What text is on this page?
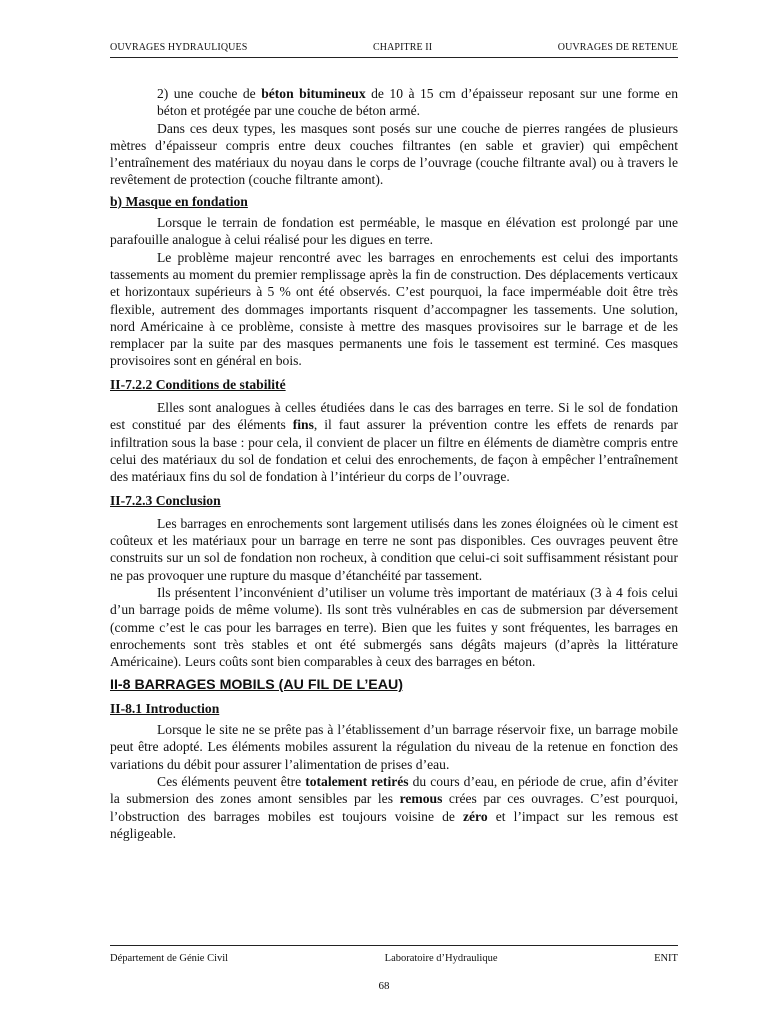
OUVRAGES HYDRAULIQUES	CHAPITRE II	OUVRAGES DE RETENUE

2) une couche de béton bitumineux de 10 à 15 cm d’épaisseur reposant sur une forme en béton et protégée par une couche de béton armé.

Dans ces deux types, les masques sont posés sur une couche de pierres rangées de plusieurs mètres d’épaisseur compris entre deux couches filtrantes (en sable et gravier) qui empêchent l’entraînement des matériaux du noyau dans le corps de l’ouvrage (couche filtrante aval) ou à travers le revêtement de protection (couche filtrante amont).

b) Masque en fondation

Lorsque le terrain de fondation est perméable, le masque en élévation est prolongé par une parafouille analogue à celui réalisé pour les digues en terre.

Le problème majeur rencontré avec les barrages en enrochements est celui des importants tassements au moment du premier remplissage après la fin de construction. Des déplacements verticaux et horizontaux supérieurs à 5 % ont été observés. C’est pourquoi, la face imperméable doit être très flexible, autrement des dommages importants risquent d’accompagner les tassements. Une solution, nord Américaine à ce problème, consiste à mettre des masques provisoires sur le barrage et de les remplacer par la suite par des masques permanents une fois le tassement est terminé. Ces masques provisoires sont en général en bois.

II-7.2.2 Conditions de stabilité

Elles sont analogues à celles étudiées dans le cas des barrages en terre. Si le sol de fondation est constitué par des éléments fins, il faut assurer la prévention contre les effets de renards par infiltration sous la base : pour cela, il convient de placer un filtre en éléments de diamètre compris entre celui des matériaux du sol de fondation et celui des enrochements, de façon à empêcher l’entraînement des matériaux fins du sol de fondation à l’intérieur du corps de l’ouvrage.

II-7.2.3 Conclusion

Les barrages en enrochements sont largement utilisés dans les zones éloignées où le ciment est coûteux et les matériaux pour un barrage en terre ne sont pas disponibles. Ces ouvrages peuvent être construits sur un sol de fondation non rocheux, à condition que celui-ci soit suffisamment résistant pour ne pas provoquer une rupture du masque d’étanchéité par tassement.

Ils présentent l’inconvénient d’utiliser un volume très important de matériaux (3 à 4 fois celui d’un barrage poids de même volume). Ils sont très vulnérables en cas de submersion par déversement (comme c’est le cas pour les barrages en terre). Bien que les fuites y sont fréquentes, les barrages en enrochements sont très stables et ont été submergés sans dégâts majeurs (d’après la littérature Américaine). Leurs coûts sont bien comparables à ceux des barrages en béton.

II-8 BARRAGES MOBILS (AU FIL DE L’EAU)
II-8.1 Introduction

Lorsque le site ne se prête pas à l’établissement d’un barrage réservoir fixe, un barrage mobile peut être adopté. Les éléments mobiles assurent la régulation du niveau de la retenue en fonction des variations du débit pour assurer l’alimentation de prises d’eau.

Ces éléments peuvent être totalement retirés du cours d’eau, en période de crue, afin d’éviter la submersion des zones amont sensibles par les remous crées par ces ouvrages. C’est pourquoi, l’obstruction des barrages mobiles est toujours voisine de zéro et l’impact sur les remous est négligeable.

Département de Génie Civil	Laboratoire d’Hydraulique	ENIT
68
